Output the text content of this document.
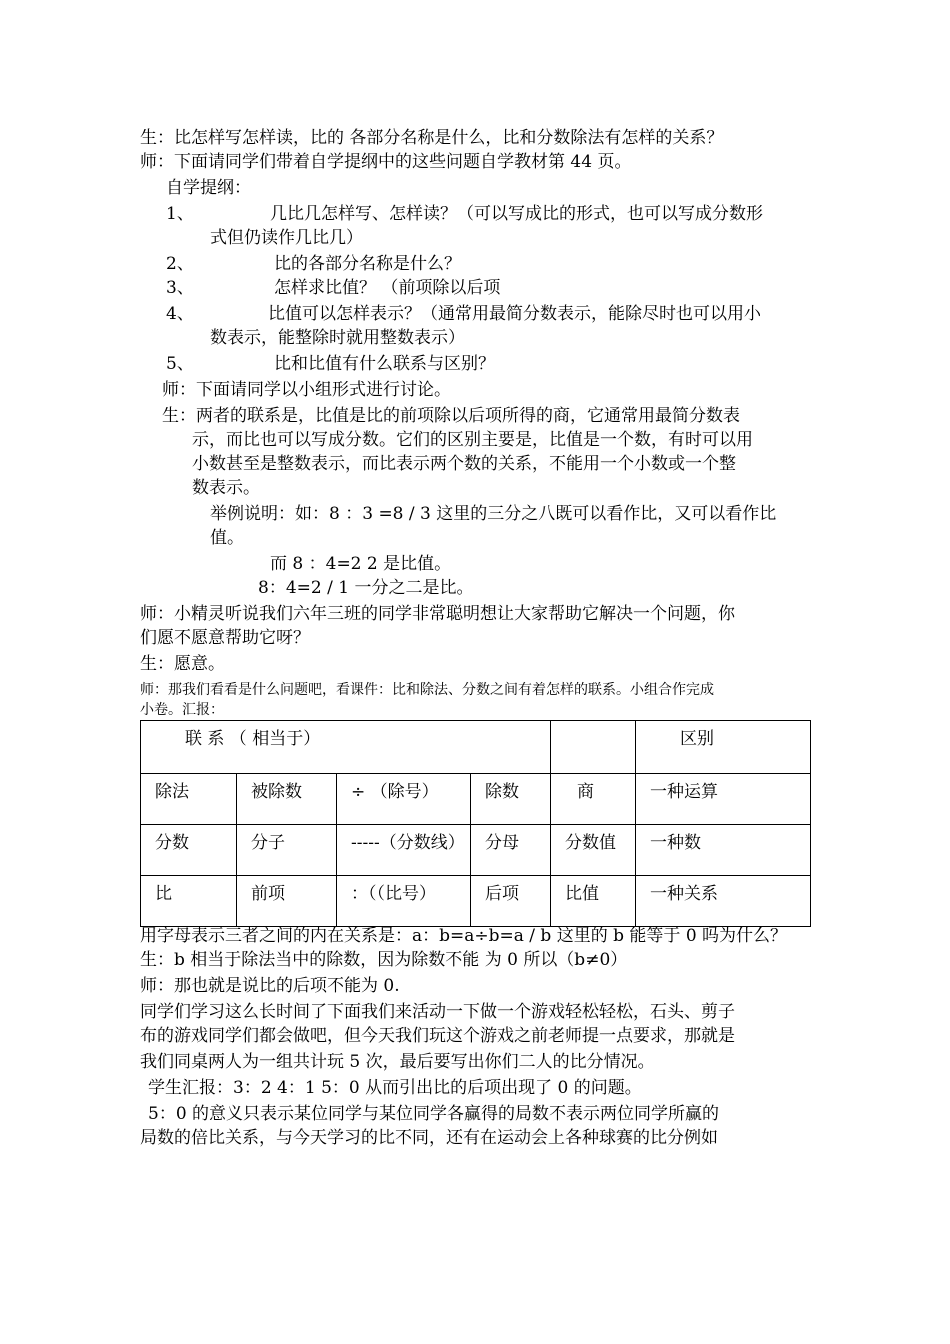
生：比怎样写怎样读，比的 各部分名称是什么，比和分数除法有怎样的关系？
师：下面请同学们带着自学提纲中的这些问题自学教材第 44 页。
自学提纲：
1、	几比几怎样写、怎样读？（可以写成比的形式，也可以写成分数形
式但仍读作几比几）
2、	比的各部分名称是什么？
3、	怎样求比值？ （前项除以后项
4、	比值可以怎样表示？（通常用最简分数表示，能除尽时也可以用小
数表示，能整除时就用整数表示）
5、	比和比值有什么联系与区别？
师：下面请同学以小组形式进行讨论。
生：两者的联系是，比值是比的前项除以后项所得的商，它通常用最简分数表
示，而比也可以写成分数。它们的区别主要是，比值是一个数，有时可以用
小数甚至是整数表示，而比表示两个数的关系，不能用一个小数或一个整
数表示。
举例说明：如：8 ：3 =8 / 3 这里的三分之八既可以看作比，又可以看作比
值。
而 8 ：4=2 2 是比值。
8：4=2 / 1 一分之二是比。
师：小精灵听说我们六年三班的同学非常聪明想让大家帮助它解决一个问题，你
们愿不愿意帮助它呀？
生：愿意。
师：那我们看看是什么问题吧，看课件：比和除法、分数之间有着怎样的联系。小组合作完成
小卷。汇报：
联 系 （ 相当于）					区别
除法	被除数	÷ （除号）	除数	商	一种运算
分数	分子	-----（分数线）	分母	分数值	一种数
比	前项	：（（比号）	后项	比值	一种关系
用字母表示三者之间的内在关系是：a：b=a÷b=a / b 这里的 b 能等于 0 吗为什么？
生：b 相当于除法当中的除数，因为除数不能 为 0 所以（b≠0）
师：那也就是说比的后项不能为 0.
同学们学习这么长时间了下面我们来活动一下做一个游戏轻松轻松，石头、剪子
布的游戏同学们都会做吧，但今天我们玩这个游戏之前老师提一点要求，那就是
我们同桌两人为一组共计玩 5 次，最后要写出你们二人的比分情况。
学生汇报：3：2 4：1 5：0 从而引出比的后项出现了 0 的问题。
5：0 的意义只表示某位同学与某位同学各赢得的局数不表示两位同学所赢的
局数的倍比关系，与今天学习的比不同，还有在运动会上各种球赛的比分例如
